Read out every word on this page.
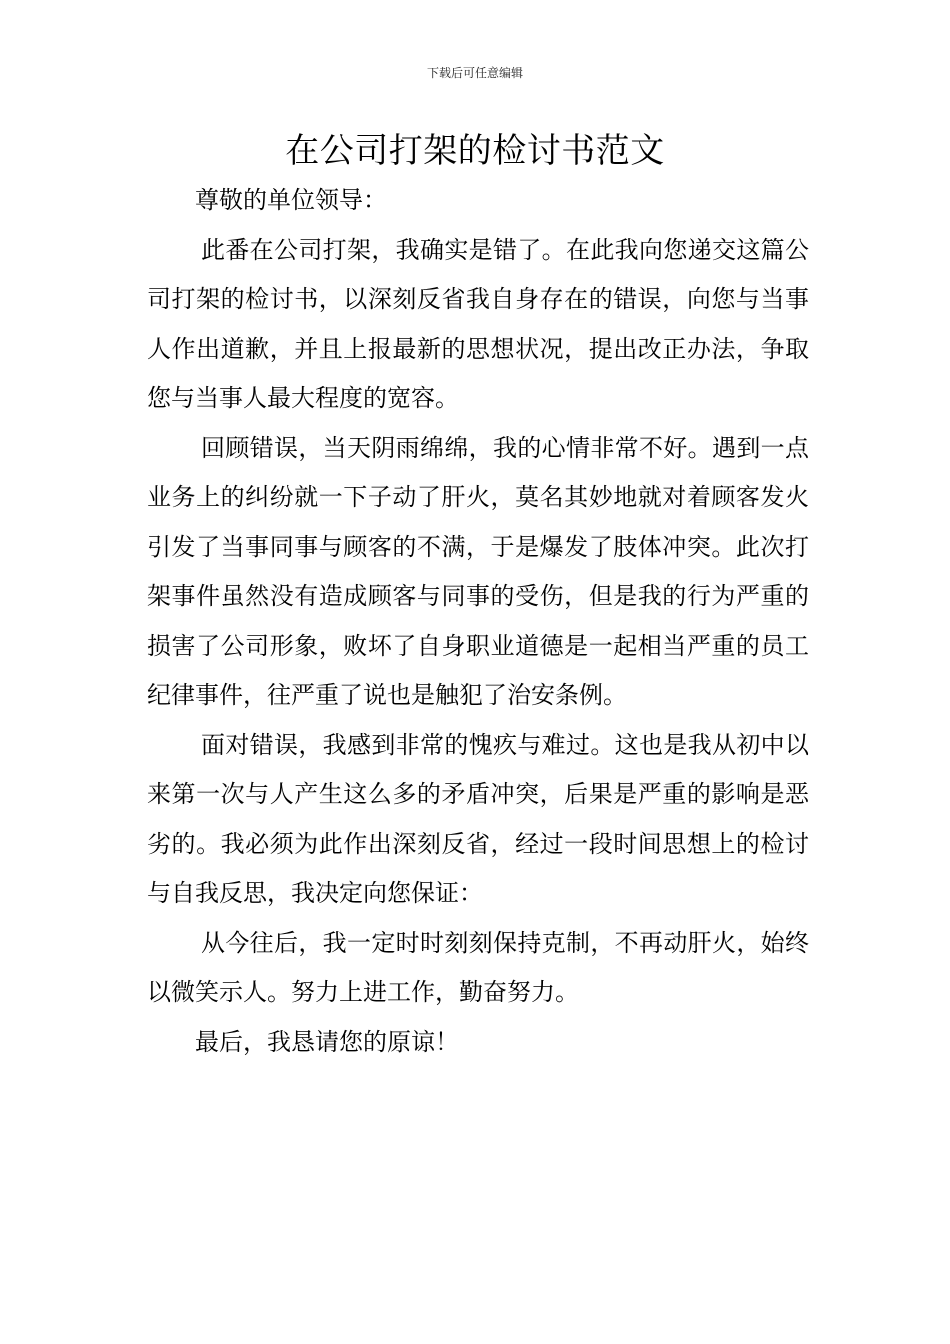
下载后可任意编辑
在公司打架的检讨书范文

尊敬的单位领导：

此番在公司打架，我确实是错了。在此我向您递交这篇公司打架的检讨书，以深刻反省我自身存在的错误，向您与当事人作出道歉，并且上报最新的思想状况，提出改正办法，争取您与当事人最大程度的宽容。

回顾错误，当天阴雨绵绵，我的心情非常不好。遇到一点业务上的纠纷就一下子动了肝火，莫名其妙地就对着顾客发火引发了当事同事与顾客的不满，于是爆发了肢体冲突。此次打架事件虽然没有造成顾客与同事的受伤，但是我的行为严重的损害了公司形象，败坏了自身职业道德是一起相当严重的员工纪律事件，往严重了说也是触犯了治安条例。

面对错误，我感到非常的愧疚与难过。这也是我从初中以来第一次与人产生这么多的矛盾冲突，后果是严重的影响是恶劣的。我必须为此作出深刻反省，经过一段时间思想上的检讨与自我反思，我决定向您保证：

从今往后，我一定时时刻刻保持克制，不再动肝火，始终以微笑示人。努力上进工作，勤奋努力。

最后，我恳请您的原谅！
